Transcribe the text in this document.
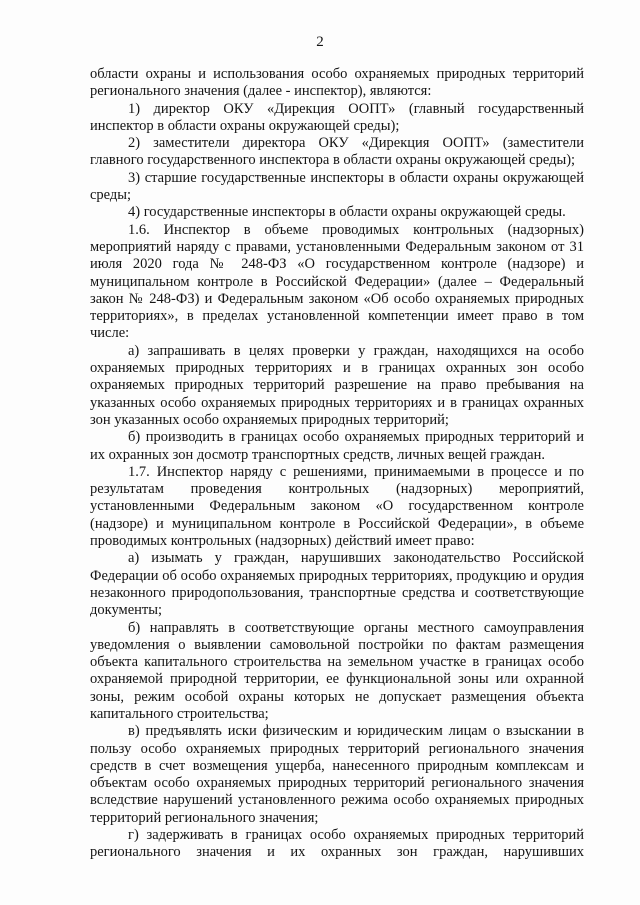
2

области охраны и использования особо охраняемых природных территорий регионального значения (далее - инспектор), являются:

1) директор ОКУ «Дирекция ООПТ» (главный государственный инспектор в области охраны окружающей среды);

2) заместители директора ОКУ «Дирекция ООПТ» (заместители главного государственного инспектора в области охраны окружающей среды);

3) старшие государственные инспекторы в области охраны окружающей среды;

4) государственные инспекторы в области охраны окружающей среды.

1.6. Инспектор в объеме проводимых контрольных (надзорных) мероприятий наряду с правами, установленными Федеральным законом от 31 июля 2020 года № 248-ФЗ «О государственном контроле (надзоре) и муниципальном контроле в Российской Федерации» (далее – Федеральный закон № 248-ФЗ) и Федеральным законом «Об особо охраняемых природных территориях», в пределах установленной компетенции имеет право в том числе:

а) запрашивать в целях проверки у граждан, находящихся на особо охраняемых природных территориях и в границах охранных зон особо охраняемых природных территорий разрешение на право пребывания на указанных особо охраняемых природных территориях и в границах охранных зон указанных особо охраняемых природных территорий;

б) производить в границах особо охраняемых природных территорий и их охранных зон досмотр транспортных средств, личных вещей граждан.

1.7. Инспектор наряду с решениями, принимаемыми в процессе и по результатам проведения контрольных (надзорных) мероприятий, установленными Федеральным законом «О государственном контроле (надзоре) и муниципальном контроле в Российской Федерации», в объеме проводимых контрольных (надзорных) действий имеет право:

а) изымать у граждан, нарушивших законодательство Российской Федерации об особо охраняемых природных территориях, продукцию и орудия незаконного природопользования, транспортные средства и соответствующие документы;

б) направлять в соответствующие органы местного самоуправления уведомления о выявлении самовольной постройки по фактам размещения объекта капитального строительства на земельном участке в границах особо охраняемой природной территории, ее функциональной зоны или охранной зоны, режим особой охраны которых не допускает размещения объекта капитального строительства;

в) предъявлять иски физическим и юридическим лицам о взыскании в пользу особо охраняемых природных территорий регионального значения средств в счет возмещения ущерба, нанесенного природным комплексам и объектам особо охраняемых природных территорий регионального значения вследствие нарушений установленного режима особо охраняемых природных территорий регионального значения;

г) задерживать в границах особо охраняемых природных территорий регионального значения и их охранных зон граждан, нарушивших
